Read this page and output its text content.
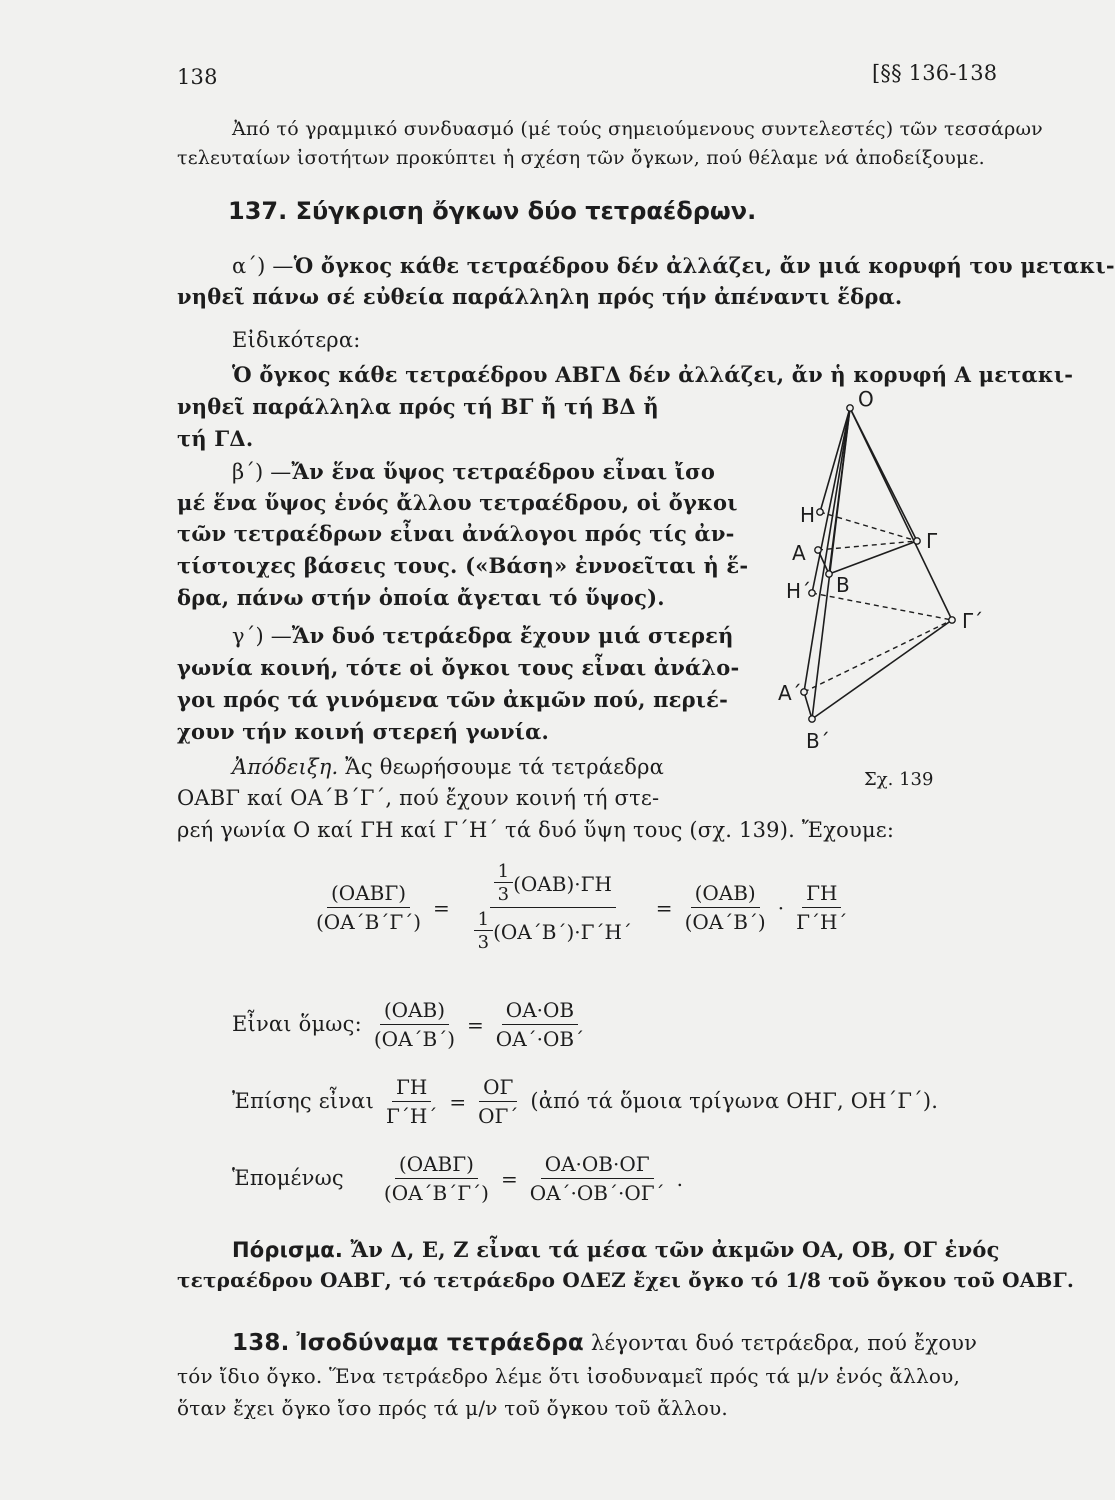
138	[§§ 136-138
Ἀπό τό γραμμικό συνδυασμό (μέ τούς σημειούμενους συντελεστές) τῶν τεσσάρων
τελευταίων ἰσοτήτων προκύπτει ἡ σχέση τῶν ὄγκων, πού θέλαμε νά ἀποδείξουμε.
137. Σύγκριση ὄγκων δύο τετραέδρων.
α΄) —Ὁ ὄγκος κάθε τετραέδρου δέν ἀλλάζει, ἄν μιά κορυφή του μετακι-
νηθεῖ πάνω σέ εὐθεία παράλληλη πρός τήν ἀπέναντι ἕδρα.
Εἰδικότερα:
Ὁ ὄγκος κάθε τετραέδρου ΑΒΓΔ δέν ἀλλάζει, ἄν ἡ κορυφή Α μετακι-
νηθεῖ παράλληλα πρός τή ΒΓ ἤ τή ΒΔ ἤ
τή ΓΔ.
β΄) —Ἄν ἕνα ὕψος τετραέδρου εἶναι ἴσο
μέ ἕνα ὕψος ἑνός ἄλλου τετραέδρου, οἱ ὄγκοι
τῶν τετραέδρων εἶναι ἀνάλογοι πρός τίς ἀν-
τίστοιχες βάσεις τους. («Βάση» ἐννοεῖται ἡ ἕ-
δρα, πάνω στήν ὁποία ἄγεται τό ὕψος).
γ΄) —Ἄν δυό τετράεδρα ἔχουν μιά στερεή
γωνία κοινή, τότε οἱ ὄγκοι τους εἶναι ἀνάλο-
γοι πρός τά γινόμενα τῶν ἀκμῶν πού, περιέ-
χουν τήν κοινή στερεή γωνία.
Ἀπόδειξη. Ἄς θεωρήσουμε τά τετράεδρα
ΟΑΒΓ καί ΟΑ΄Β΄Γ΄, πού ἔχουν κοινή τή στε-
ρεή γωνία Ο καί ΓΗ καί Γ΄Η΄ τά δυό ὕψη τους (σχ. 139). Ἔχουμε:
Ο
Η
Α	Γ
Η΄ Β
Γ΄
Α΄
Β΄
Σχ. 139
$\frac{\text{(ΟΑΒΓ)}}{(OA΄B΄\Gamma΄)} = \frac{\frac{1}{3} (OAB)\cdot\Gamma H}{\frac{1}{3} (OA΄B΄)\cdot\Gamma΄H΄} = \frac{\text{(ΟΑΒ)}}{(OA΄B΄)} \cdot \frac{\Gamma H}{\Gamma΄H΄}$
Εἶναι ὅμως: $\frac{\text{(ΟΑΒ)}}{(OA΄B΄)} = \frac{OA\cdot OB}{OA΄\cdot OB΄}$
Ἐπίσης εἶναι $\frac{\Gamma H}{\Gamma΄H΄} = \frac{O\Gamma}{O\Gamma΄}$ (ἀπό τά ὅμοια τρίγωνα ΟΗΓ, ΟΗ΄Γ΄).
Ἑπομένως $\frac{\text{(ΟΑΒΓ)}}{(OA΄B΄\Gamma΄)} = \frac{OA\cdot OB\cdot O\Gamma}{OA΄\cdot OB΄\cdot O\Gamma΄}$ .
Πόρισμα. Ἄν Δ, Ε, Ζ εἶναι τά μέσα τῶν ἀκμῶν ΟΑ, ΟΒ, ΟΓ ἑνός
τετραέδρου ΟΑΒΓ, τό τετράεδρο ΟΔΕΖ ἔχει ὄγκο τό 1/8 τοῦ ὄγκου τοῦ ΟΑΒΓ.
138. Ἰσοδύναμα τετράεδρα λέγονται δυό τετράεδρα, πού ἔχουν
τόν ἴδιο ὄγκο. Ἕνα τετράεδρο λέμε ὅτι ἰσοδυναμεῖ πρός τά μ/ν ἑνός ἄλλου,
ὅταν ἔχει ὄγκο ἴσο πρός τά μ/ν τοῦ ὄγκου τοῦ ἄλλου.
